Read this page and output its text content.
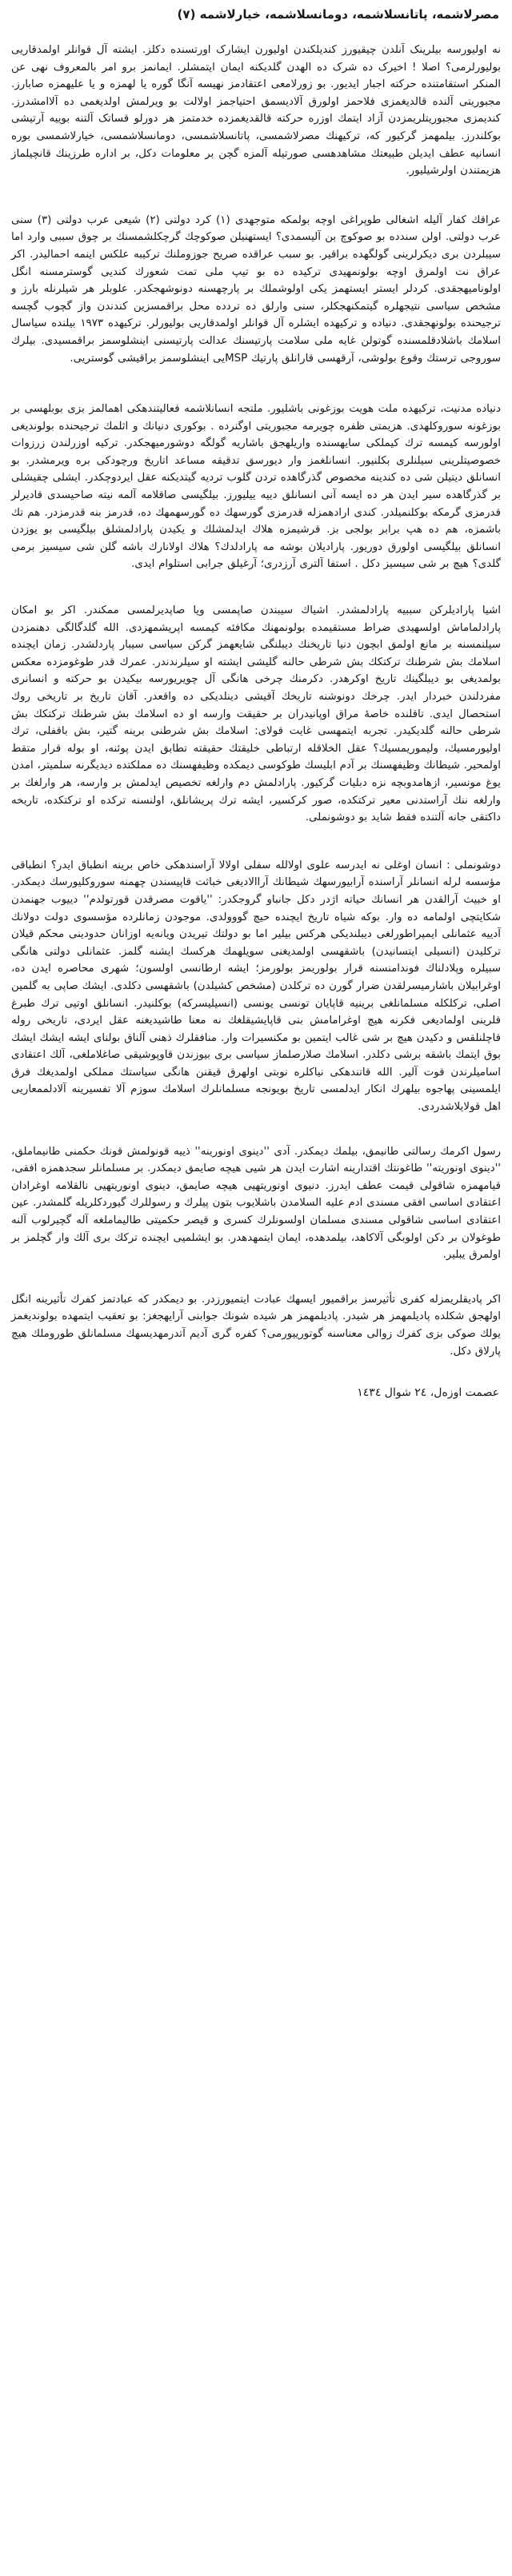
مصرلاشمه، پاتانسلاشمه، دومانسلاشمه، خیارلاشمه (۷)

نه اولیورسه بیلرینک آنلدن چیقیورز کندیلکندن اولیورن ایشارک اورتسنده دکلز. ایشته آل قوانلر اولمدقاریی بولیورلرمی؟ اصلا ! اخیرک ده شرک ده الهدن گلدیکنه ایمان ایتمشلر. ایمانمز برو امر بالمعروف نهی عن المنکر استقامتنده حرکته اجبار ایدیور. بو زورلامعی اعتقادمز نهیسه آنگا گوره یا لهمزه و یا علیهمزه صابارز. مجبوریتی آلنده قالدیغمزی فلاحمز اولورق آلادیسمق احتیاجمز اولالت بو ویرلمش اولدیغمی ده آلاامشدرز. کندیمزی مجبوریتلریمزدن آزاد ایتمك اوزره حرکته قالقدیغمزده خدمتمز هر دورلو قساتک آلتنه بوییه آرتیشی بوکلندرز. بیلمهمز گرکیور که، ترکیهنك مصرلاشمسی، پاتانسلاشمسی، دومانسلاشمسی، خیارلاشمسی بوره انسانیه عطف ایدیلن طبیعتك مشاهدهسی صورتیله آلمزه گچن بر معلومات دکل، بر اداره طرزینك قانچیلماز هزیمتندن اولرشیلیور.

عراقك کفار آلیله اشغالی طوپراغی اوچه بولمکه متوجهدی (۱) کرد دولتی (۲) شیعی عرب دولتی (۳) سنی عرب دولتی. اولن سندده بو صوکوچ بن آلیسمدی؟ ایستهنیلن صوکوچك گرچکلشمسنك بر چوق سببی وارد اما سیبلردن بری دیکرلرینی گولگهده براقیر. بو سبب عراقده صریح جوزوملنك ترکیبه علکس اینمه احمالیدر. اکر عراق نت اولمرق اوچه بولونمهیدی ترکیده ده بو تیپ ملی تمت شعورك کندیی گوسترمسنه انگل اولونامیهجقدی. کردلر ایستر ایستهمز یکی اولوشملك بر پارچهسنه دونوشهجکدر. علوبلر هر شیلرنله بارز و مشخص سیاسی نتیجهلره گیتمکنهجکلر، سنی وارلق ده تردده محل براقمسزین کندندن واز گچوب گچسه ترجیحنده بولونهجقدی. دنیاده و ترکیهده ایشلره آل قوانلر اولمدقاریی بولیورلر. ترکیهده ۱۹۷۳ بیلنده سیاسال اسلامك باشلادقلمسنده گوتولن غایه ملی سلامت پارتیسنك عدالت پارتیسنی اینشلوسمز براقمسیدی. بیلرك سوروجی ترستك وقوع بولوشی، آرقهسی قارانلق پارتیك MSPیی اینشلوسمز براقیشی گوستریی.

دنیاده مدنیت، ترکیهده ملت هویت بوزغونی باشلیور. ملتجه انسانلاشمه فعالیتندهکی اهمالمز بزی بوبلهسی بر بوزغونه سوروکلهدی. هزیمتی ظفره چویرمه مجبوریتی اوگنرده . بوکوری دنیانك و اثلمك ترجیحنده بولوندیغی اولورسه کیمسه ترك کیملکی سایهسنده واریلهجق باشاریه گولگه دوشورمیهجکدر. ترکیه اوزرلندن زرزوات خصوصیتلرینی سیلنلری بکلنیور. انسانلغمز وار دیورسق تدقیقه مساعد اتاریخ ورچودکی بره ویرمشدر. بو انسانلق دیتیلن شی ده کندینه مخصوص گذرگاهده تردن گلوب تردیه گیتدیکنه عقل ایردوچکدر. ایشلی چقیشلی بر گذرگاهده سیر ایدن هر ده ایسه آنی انسانلق دییه ییلیورز. بیلگیسی صاقلامه آلمه نیته صاحیسدی قادیرلر قدرمزی گرمکه بوکلنمیلدر. کندی ارادهمزله قدرمزی گورسهك ده گورسهمهك ده، قدرمز بنه قدرمزدر. هم تك باشمزه، هم ده هپ برابر بولجی بز. قرشیمزه هلاك ایدلمشلك و یکیدن پارادلمشلق بیلگیسی بو یوزدن انسانلق بیلگیسی اولورق دوریور. پارادیلان بوشه مه پارادلدك؟ هلاك اولانارك باشه گلن شی سیسیز برمی گلدی؟ هیچ بر شی سیسیز دکل . استفا آلتری آرزدری؛ آرغیلق جرابی استلوام ایدی.

اشیا پارادیلرکن سببیه پارادلمشدر. اشیاك سیبندن صاپمسی ویا صاپدیرلمسی ممکندر. اکر بو امکان پارادلماماش اولسهیدی ضراط مستقیمده بولونمهنك مکافئه کیمسه اپریشمهزدی. الله گلدگالگی دهنمزدن سیلنمسنه بر مانع اولمق ابچون دنیا تاریخنك دیبلنگی شایعهمز گرکن سیاسی سیبار پاردلشدر. زمان ایچنده اسلامك بش شرطنك ترکتکك بش شرطی حالنه گلیشی ایشته او سیلرندندر. عمرك قدر طوغومزده معکس بولمدیغی بو دیبلگینك تاریخ اوکرهدر. دکرمنك چرخی هانگی آل چویریورسه بیکیدن بو حرکته و انسانری مفردلندن خبردار ایدر. چرخك دونوشنه تاریخك آقیشی دینلدیکی ده واقعدر. آقان تاریخ بر تاریخی روك استحصال ایدی. تاقلنده خاصهٔ مراق اوپانیدران بر حقیقت وارسه او ده اسلامك بش شرطنك ترکتکك بش شرطی حالنه گلدیکیدر. تجربه ایتمهسی غایت قولای: اسلامك بش شرطنی برینه گتیر، بش باقفلی، ترك اولیورمسیك، ولیموریمسیك؟ عقل الخلاقله ارتباطی خلیقتك حقیقته تطابق ایدن پوئنه، او بوله قرار متقط اولمحیر. شیطانك وظیفهسنك بر آدم ابلیسك طوکوسی دیمکده وظیفهسنك ده مملکتده دیدیگرنه سلمیتر، امدن یوغ مونسیر، ازهامدوبچه نزه دبلیات گرکیور. پارادلمش دم وارلغه تخصیص ایدلمش بر وارسه، هر وارلغك بر وارلغه ننك آراستدنی معیر ترکتکده، صور کرکسیر، ایشه ترك پریشانلق، اولنسنه ترکده او ترکتکده، تاریخه داکتقی جانه آلتنده فقط شاید بو دوشونملی.

دوشونملی : انسان اوغلی نه ایدرسه علوی اولالله سفلی اولالا آراسندهکی خاص برینه انطباق ایدر؟ انطباقی مؤسسه لرله انسانلر آراسنده آرابیورسهك شیطانك آراالادیغی خباثت قاپیسندن چهمنه سوروکلیورسك دیمکدر. او خبیث آرالقدن هر انسانك حیاته اژدر دکل جانباو گروجکدر: ''یاقوت مصرقدن قورتولدم'' دییوب جهنمدن شکایتچی اولمامه ده وار. بوکه شیاه تاریخ ایچنده حیچ گووولدی. موجودن زمانلرده مؤسسوی دولت دولانك آدییه عثمانلی ایمپراطورلغی دیبلندیکی هرکس بیلیر اما بو دولتك تیریدن ویانه‌یه اوزانان حدودینی محکم قیلان ترکلیدن (انسیلی ایتسانیدن) باشقهسی اولمدیغنی سویلهمك هرکسك ایشنه گلمز. عثمانلی دولتی هانگی سبیلره وپلادلناك فوندامنسنه قرار بولوریمز بولورمز؛ ایشه ارطانسی اولسون؛ شهری محاصره ایدن ده، اوغرابیلان باشارمیسرلقدن ضرار گورن ده ترکلدن (مشخص کشیلدن) باشقهسی دکلدی. ایشك صاپی به گلمین اصلی، ترکلکله مسلمانلغی برینیه قاپایان تونسی یونسی (انسیلیسرکه) بوکلنیدر. انسانلق اوتیی ترك طبرغ قلرینی اولمادیغی فکرنه هیچ اوغرامامش بنی قاپایشیقلغك نه معنا طاشیدیغنه عقل ایردی، تاریخی روله قاچلنلقس و دکیدن هیچ بر شی غالب ایتمین بو مکنسیرات وار. منافقلرك ذهنی آلناق بولنای ایشه ایشك ایشك بوق ایتمك باشقه برشی دکلدر. اسلامك صلارصلماز سیاسی بری بیوزندن قاوپوشیقی صاغلاملغی، آلك اعتقادی اسامیلرندن قوت آلیر. الله قاتندهکی نیاکلره نوبتی اولهرق قیقنن هانگی سیاستك مملکی اولمدیغك فرق ایلمسینی پهاجوه بیلهرك انکار ایدلمسی تاریخ بویونجه مسلمانلرك اسلامك سوزم آلا تفسیرینه آلادلممعاریی اهل قولایلاشدردی.

رسول اکرمك رسالتی طانیمق، بیلمك دیمكدر. آدی ''دینوی اونورینه'' ذییه قونولمش قونك حکمنی طانیماملق، ''دینوی اونوریته'' طاغونتك اقتدارینه اشارت ایدن هر شیی هیچه صایمق دیمکدر. بر مسلمانلر سجدهمزه افقی، قیامهمزه شاقولی قیمت عطف ایدرز. دنیوی اونوریتهیی هیچه صایمق، دینوی اونوریتهیی نالقلامه اوغرادان اعتقادی اساسی افقی مسندی ادم علیه السلامدن باشلایوب بتون پیلرك و رسوللرك گیوردکلریله گلمشدر. عین اعتقادی اساسی شاقولی مسندی مسلمان اولسونلرك کسری و قیصر حکمیتی طالیماملغه آله گچیرلوب آلنه طوغولان بر دکن اولوبگی آلاکاهد، بیلمدهده، ایمان ایتمهدهدر. بو ایشلمیی ایچنده ترکك بری آلك وار گچلمز بر اولمرق یبلیر.

اکر پادیقلریمزله کفری تأثیرسز براقمیور ایسهك عبادت ایتمیورزدر. بو دیمکدر که عبادتمز کفرك تأثیرینه انگل اولهجق شکلده پادیلمهمز هر شیدر. پادیلمهمز هر شیده شونك جوابنی آرایهجغز: بو تعقیب ایتمهده بولوندیغمز یولك صوکی بزی کفرك زوالی معناسنه گوتورییورمی؟ کفره گری آدیم آتدرمهدیسهك مسلمانلق طوروملك هیچ پارلاق دکل.

عصمت اوزەل، ٢٤ شوال ١٤٣٤
